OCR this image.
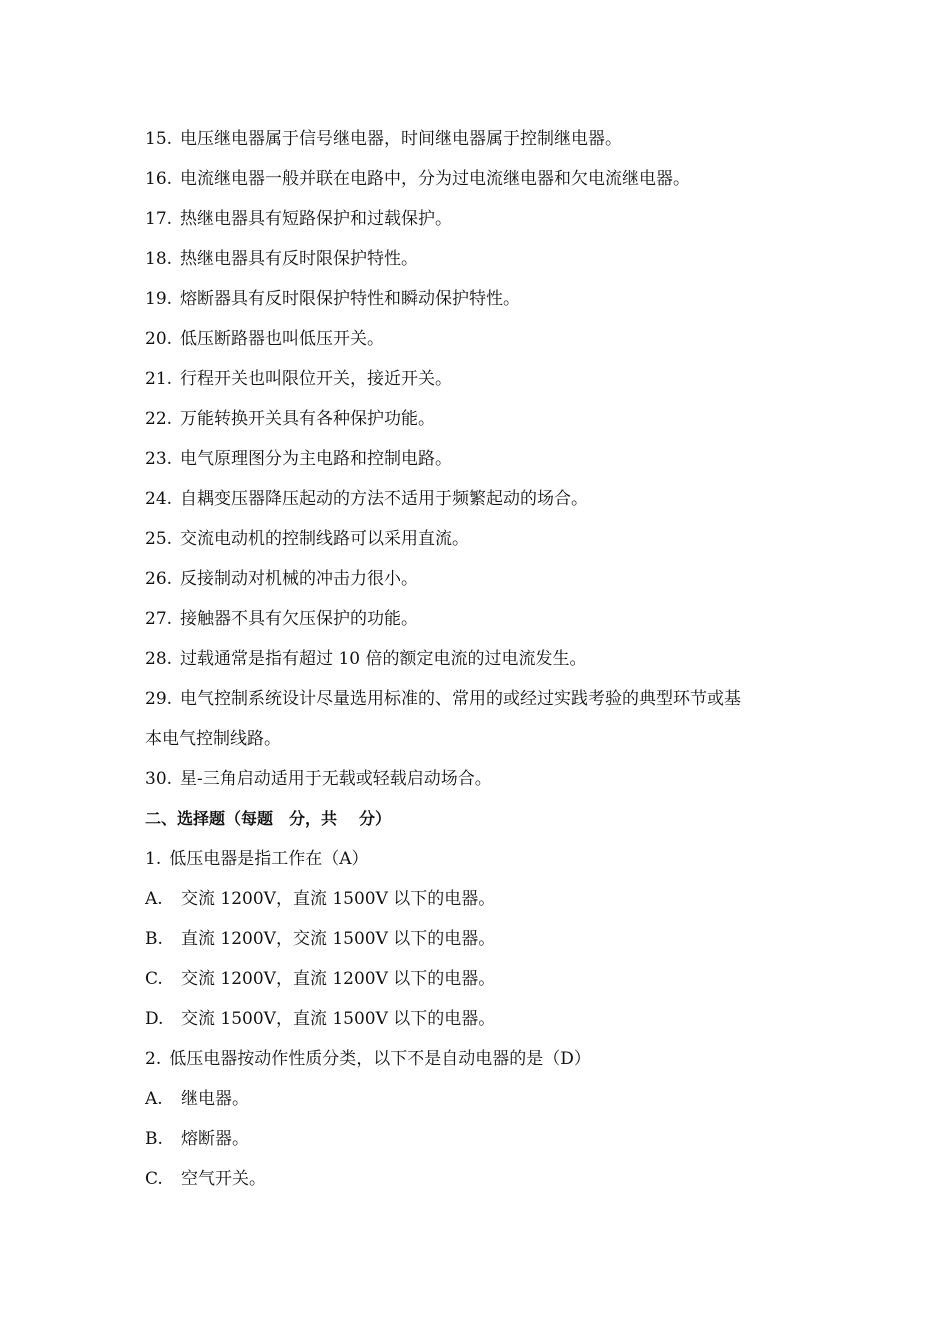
15. 电压继电器属于信号继电器，时间继电器属于控制继电器。
16. 电流继电器一般并联在电路中，分为过电流继电器和欠电流继电器。
17. 热继电器具有短路保护和过载保护。
18. 热继电器具有反时限保护特性。
19. 熔断器具有反时限保护特性和瞬动保护特性。
20. 低压断路器也叫低压开关。
21. 行程开关也叫限位开关，接近开关。
22. 万能转换开关具有各种保护功能。
23. 电气原理图分为主电路和控制电路。
24. 自耦变压器降压起动的方法不适用于频繁起动的场合。
25. 交流电动机的控制线路可以采用直流。
26. 反接制动对机械的冲击力很小。
27. 接触器不具有欠压保护的功能。
28. 过载通常是指有超过 10 倍的额定电流的过电流发生。
29. 电气控制系统设计尽量选用标准的、常用的或经过实践考验的典型环节或基
本电气控制线路。
30. 星-三角启动适用于无载或轻载启动场合。
二、选择题（每题 分，共 分）
1. 低压电器是指工作在（A）
A. 交流 1200V，直流 1500V 以下的电器。
B. 直流 1200V，交流 1500V 以下的电器。
C. 交流 1200V，直流 1200V 以下的电器。
D. 交流 1500V，直流 1500V 以下的电器。
2. 低压电器按动作性质分类，以下不是自动电器的是（D）
A. 继电器。
B. 熔断器。
C. 空气开关。
